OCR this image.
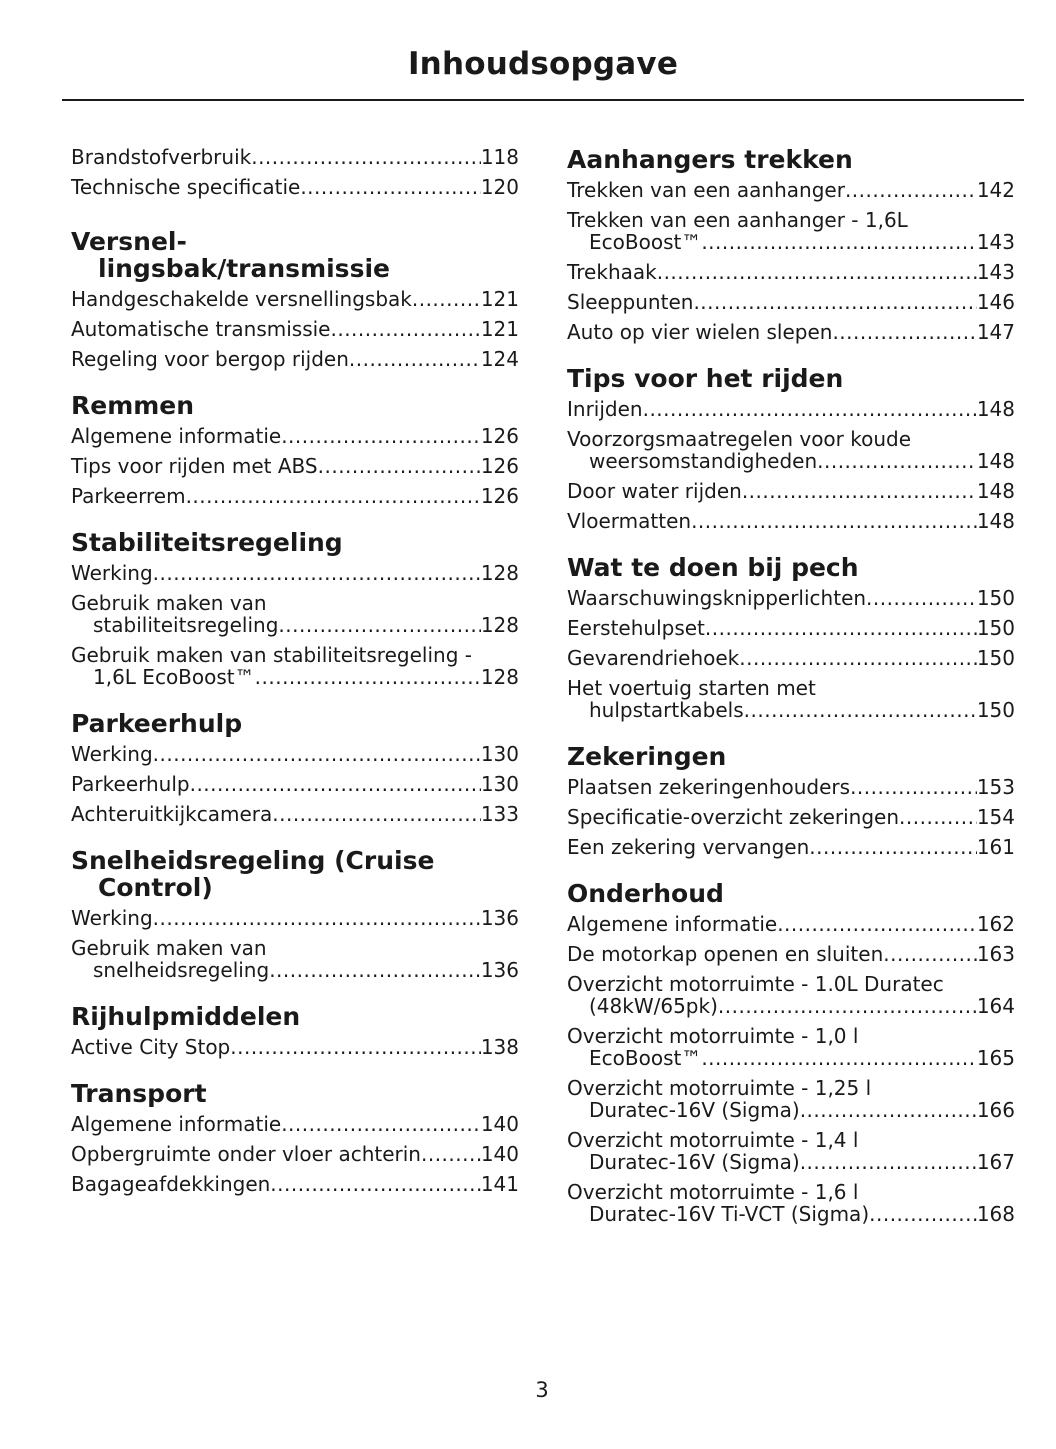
Inhoudsopgave
Brandstofverbruik .....	118
Technische specificatie .....	120
Versnel-
lingsbak/transmissie
Handgeschakelde versnellingsbak .....	121
Automatische transmissie .....	121
Regeling voor bergop rijden .....	124
Remmen
Algemene informatie .....	126
Tips voor rijden met ABS .....	126
Parkeerrem .....	126
Stabiliteitsregeling
Werking .....	128
Gebruik maken van
stabiliteitsregeling .....	128
Gebruik maken van stabiliteitsregeling -
1,6L EcoBoost™ .....	128
Parkeerhulp
Werking .....	130
Parkeerhulp .....	130
Achteruitkijkcamera .....	133
Snelheidsregeling (Cruise
Control)
Werking .....	136
Gebruik maken van
snelheidsregeling .....	136
Rijhulpmiddelen
Active City Stop .....	138
Transport
Algemene informatie .....	140
Opbergruimte onder vloer achterin .....	140
Bagageafdekkingen .....	141
Aanhangers trekken
Trekken van een aanhanger .....	142
Trekken van een aanhanger - 1,6L
EcoBoost™ .....	143
Trekhaak .....	143
Sleeppunten .....	146
Auto op vier wielen slepen .....	147
Tips voor het rijden
Inrijden .....	148
Voorzorgsmaatregelen voor koude
weersomstandigheden .....	148
Door water rijden .....	148
Vloermatten .....	148
Wat te doen bij pech
Waarschuwingsknipperlichten .....	150
Eerstehulpset .....	150
Gevarendriehoek .....	150
Het voertuig starten met
hulpstartkabels .....	150
Zekeringen
Plaatsen zekeringenhouders .....	153
Specificatie-overzicht zekeringen .....	154
Een zekering vervangen .....	161
Onderhoud
Algemene informatie .....	162
De motorkap openen en sluiten .....	163
Overzicht motorruimte - 1.0L Duratec
(48kW/65pk) .....	164
Overzicht motorruimte - 1,0 l
EcoBoost™ .....	165
Overzicht motorruimte - 1,25 l
Duratec-16V (Sigma) .....	166
Overzicht motorruimte - 1,4 l
Duratec-16V (Sigma) .....	167
Overzicht motorruimte - 1,6 l
Duratec-16V Ti-VCT (Sigma) .....	168
3
